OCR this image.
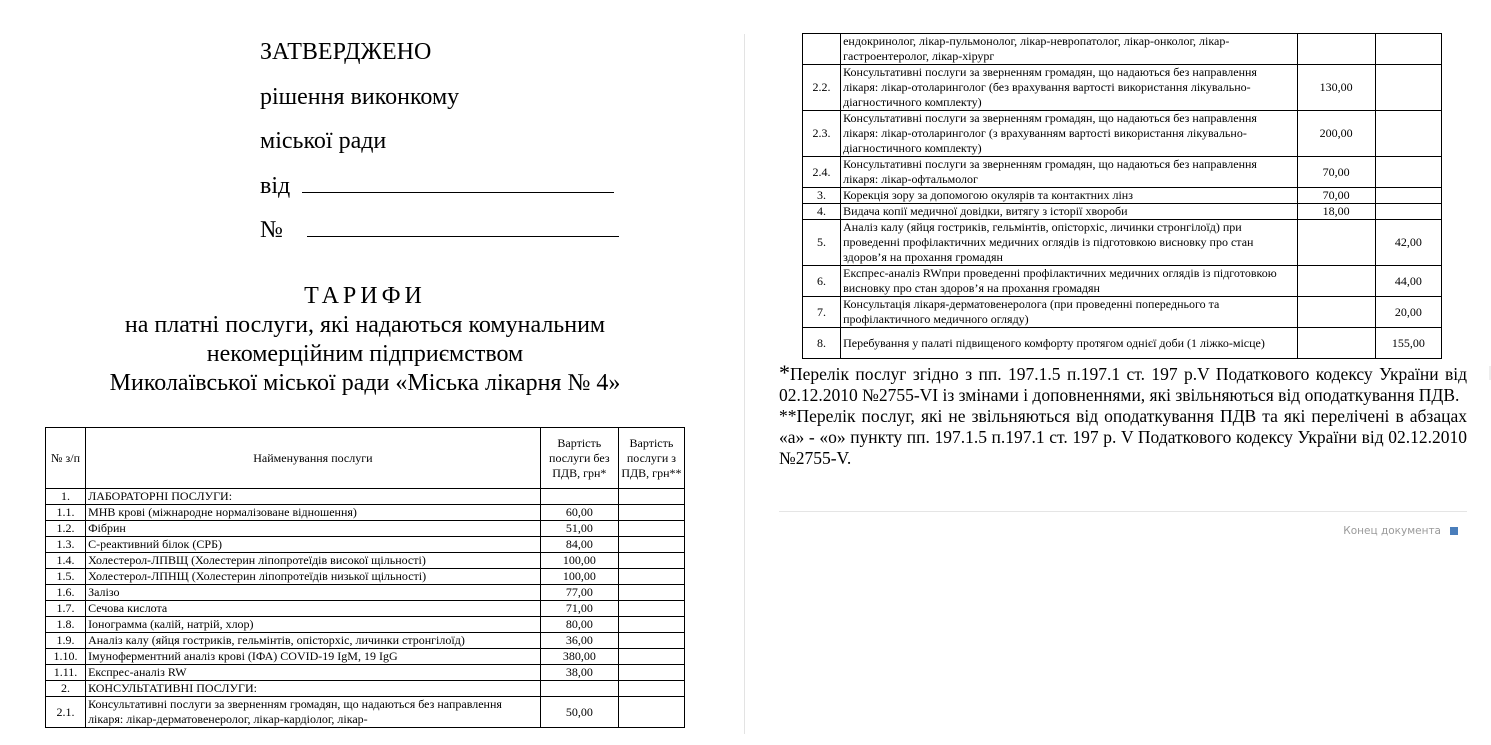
ЗАТВЕРДЖЕНО
рішення виконкому
міської ради
від
№
ТАРИФИ
на платні послуги, які надаються комунальним
некомерційним підприємством
Миколаївської міської ради «Міська лікарня № 4»
№ з/п	Найменування послуги	Вартість послуги без ПДВ, грн*	Вартість послуги з ПДВ, грн**
1.	ЛАБОРАТОРНІ ПОСЛУГИ:		
1.1.	МНВ крові (міжнародне нормалізоване відношення)	60,00	
1.2.	Фібрин	51,00	
1.3.	С-реактивний білок (СРБ)	84,00	
1.4.	Холестерол-ЛПВЩ (Холестерин ліпопротеїдів високої щільності)	100,00	
1.5.	Холестерол-ЛПНЩ (Холестерин ліпопротеїдів низької щільності)	100,00	
1.6.	Залізо	77,00	
1.7.	Сечова кислота	71,00	
1.8.	Іонограмма (калій, натрій, хлор)	80,00	
1.9.	Аналіз калу (яйця гостриків, гельмінтів, опісторхіс, личинки стронгілоїд)	36,00	
1.10.	Імуноферментний аналіз крові (ІФА) COVID-19 IgM, 19 IgG	380,00	
1.11.	Експрес-аналіз RW	38,00	
2.	КОНСУЛЬТАТИВНІ ПОСЛУГИ:		
2.1.	Консультативні послуги за зверненням громадян, що надаються без направлення лікаря: лікар-дерматовенеролог, лікар-кардіолог, лікар-	50,00	
	ендокринолог, лікар-пульмонолог, лікар-невропатолог, лікар-онколог, лікар-гастроентеролог, лікар-хірург		
2.2.	Консультативні послуги за зверненням громадян, що надаються без направлення лікаря: лікар-отоларинголог (без врахування вартості використання лікувально-діагностичного комплекту)	130,00	
2.3.	Консультативні послуги за зверненням громадян, що надаються без направлення лікаря: лікар-отоларинголог (з врахуванням вартості використання лікувально-діагностичного комплекту)	200,00	
2.4.	Консультативні послуги за зверненням громадян, що надаються без направлення лікаря: лікар-офтальмолог	70,00	
3.	Корекція зору за допомогою окулярів та контактних лінз	70,00	
4.	Видача копії медичної довідки, витягу з історії хвороби	18,00	
5.	Аналіз калу (яйця гостриків, гельмінтів, опісторхіс, личинки стронгілоїд) при проведенні профілактичних медичних оглядів із підготовкою висновку про стан здоров’я на прохання громадян		42,00
6.	Експрес-аналіз RWпри проведенні профілактичних медичних оглядів із підготовкою висновку про стан здоров’я на прохання громадян		44,00
7.	Консультація лікаря-дерматовенеролога (при проведенні попереднього та профілактичного медичного огляду)		20,00
8.	Перебування у палаті підвищеного комфорту протягом однієї доби (1 ліжко-місце)		155,00

*Перелік послуг згідно з пп. 197.1.5 п.197.1 ст. 197 р.V Податкового кодексу України від 02.12.2010 №2755-VI із змінами і доповненнями, які звільняються від оподаткування ПДВ.

**Перелік послуг, які не звільняються від оподаткування ПДВ та які перелічені в абзацах «а» - «о» пункту пп. 197.1.5 п.197.1 ст. 197 р. V Податкового кодексу України від 02.12.2010 №2755-V.

Конец документа
